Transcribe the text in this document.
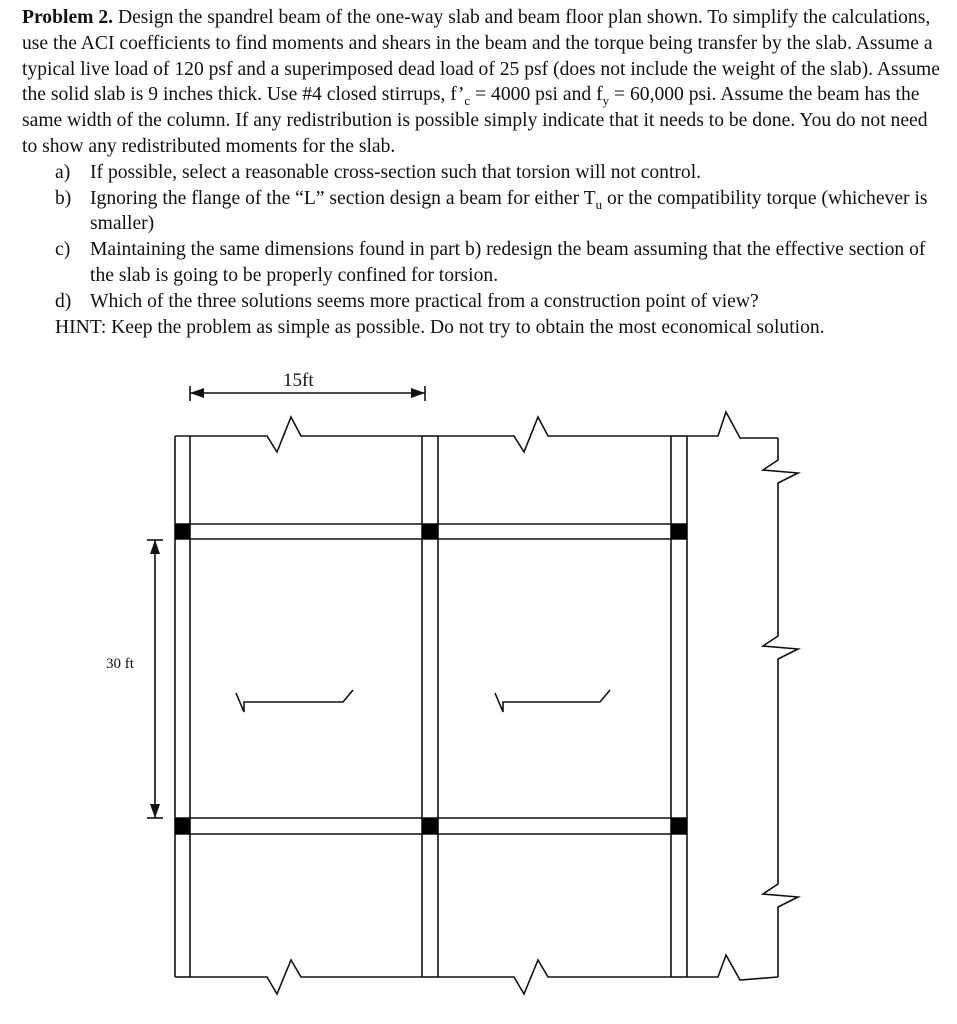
Problem 2. Design the spandrel beam of the one-way slab and beam floor plan shown. To simplify the calculations, use the ACI coefficients to find moments and shears in the beam and the torque being transfer by the slab. Assume a typical live load of 120 psf and a superimposed dead load of 25 psf (does not include the weight of the slab). Assume the solid slab is 9 inches thick. Use #4 closed stirrups, $f’_c = 4000$ psi and $f_y = 60,000$ psi. Assume the beam has the same width of the column. If any redistribution is possible simply indicate that it needs to be done. You do not need to show any redistributed moments for the slab.

a) If possible, select a reasonable cross-section such that torsion will not control.
b) Ignoring the flange of the “L” section design a beam for either $T_u$ or the compatibility torque (whichever is smaller)
c) Maintaining the same dimensions found in part b) redesign the beam assuming that the effective section of the slab is going to be properly confined for torsion.
d) Which of the three solutions seems more practical from a construction point of view?

HINT: Keep the problem as simple as possible. Do not try to obtain the most economical solution.

15ft
30 ft
